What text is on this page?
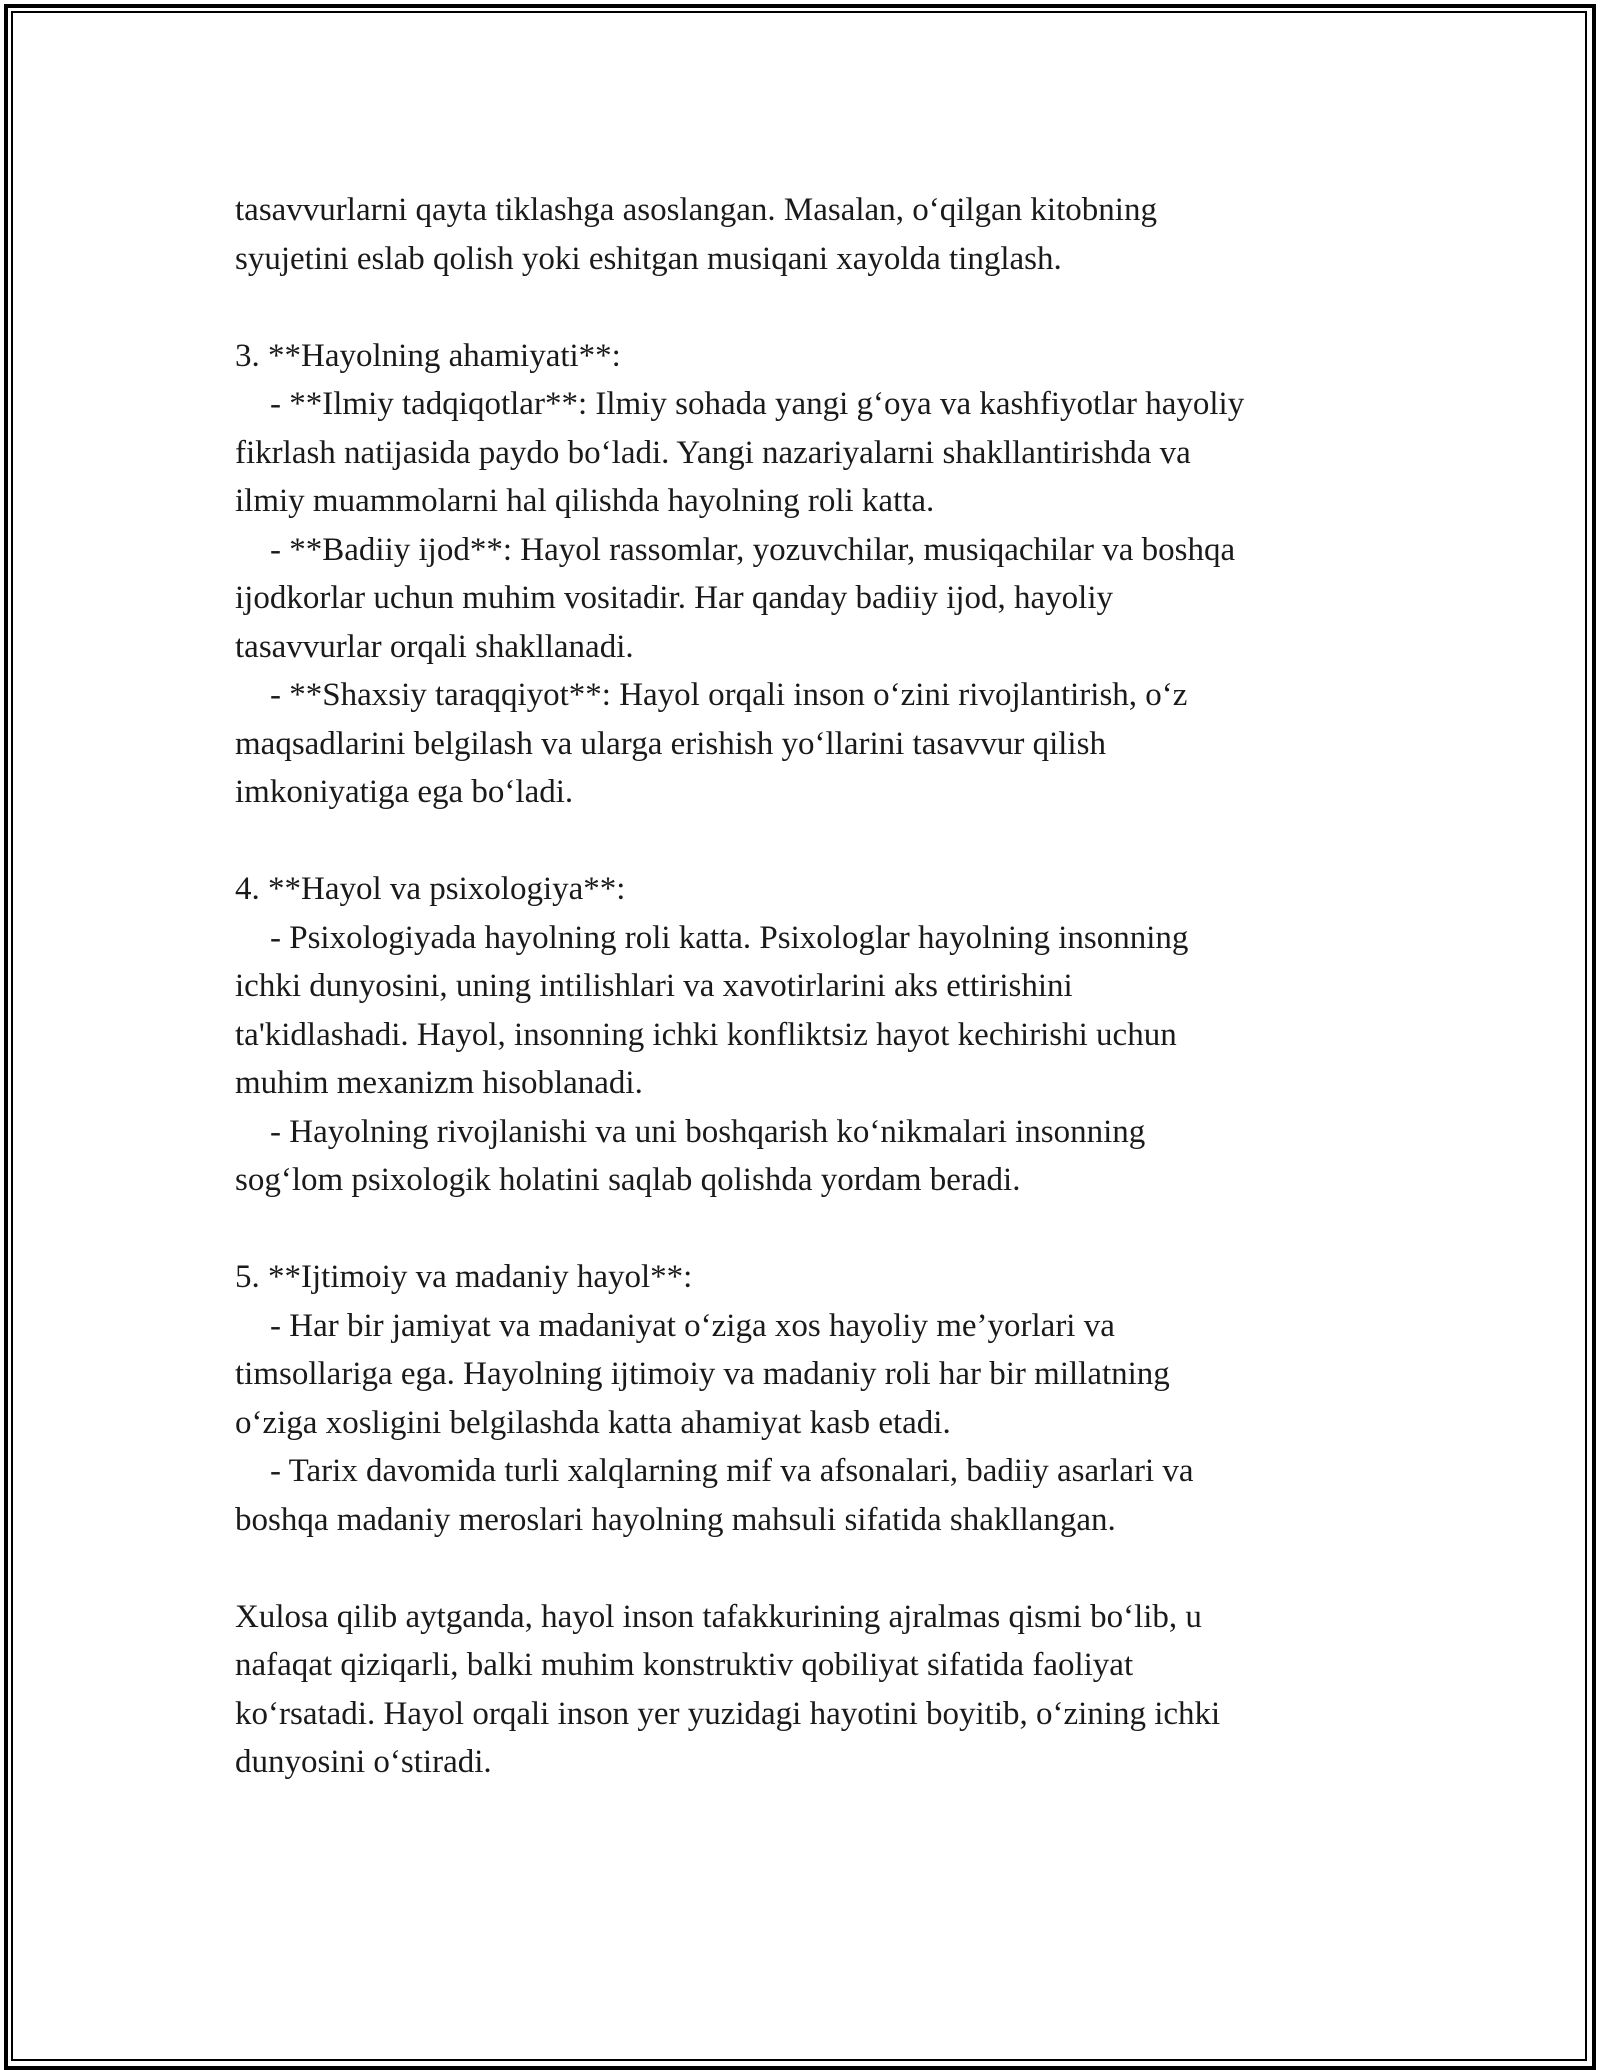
tasavvurlarni qayta tiklashga asoslangan. Masalan, o‘qilgan kitobning
syujetini eslab qolish yoki eshitgan musiqani xayolda tinglash.
3. **Hayolning ahamiyati**:
- **Ilmiy tadqiqotlar**: Ilmiy sohada yangi g‘oya va kashfiyotlar hayoliy
fikrlash natijasida paydo bo‘ladi. Yangi nazariyalarni shakllantirishda va
ilmiy muammolarni hal qilishda hayolning roli katta.
- **Badiiy ijod**: Hayol rassomlar, yozuvchilar, musiqachilar va boshqa
ijodkorlar uchun muhim vositadir. Har qanday badiiy ijod, hayoliy
tasavvurlar orqali shakllanadi.
- **Shaxsiy taraqqiyot**: Hayol orqali inson o‘zini rivojlantirish, o‘z
maqsadlarini belgilash va ularga erishish yo‘llarini tasavvur qilish
imkoniyatiga ega bo‘ladi.
4. **Hayol va psixologiya**:
- Psixologiyada hayolning roli katta. Psixologlar hayolning insonning
ichki dunyosini, uning intilishlari va xavotirlarini aks ettirishini
ta'kidlashadi. Hayol, insonning ichki konfliktsiz hayot kechirishi uchun
muhim mexanizm hisoblanadi.
- Hayolning rivojlanishi va uni boshqarish ko‘nikmalari insonning
sog‘lom psixologik holatini saqlab qolishda yordam beradi.
5. **Ijtimoiy va madaniy hayol**:
- Har bir jamiyat va madaniyat o‘ziga xos hayoliy me’yorlari va
timsollariga ega. Hayolning ijtimoiy va madaniy roli har bir millatning
o‘ziga xosligini belgilashda katta ahamiyat kasb etadi.
- Tarix davomida turli xalqlarning mif va afsonalari, badiiy asarlari va
boshqa madaniy meroslari hayolning mahsuli sifatida shakllangan.
Xulosa qilib aytganda, hayol inson tafakkurining ajralmas qismi bo‘lib, u
nafaqat qiziqarli, balki muhim konstruktiv qobiliyat sifatida faoliyat
ko‘rsatadi. Hayol orqali inson yer yuzidagi hayotini boyitib, o‘zining ichki
dunyosini o‘stiradi.
